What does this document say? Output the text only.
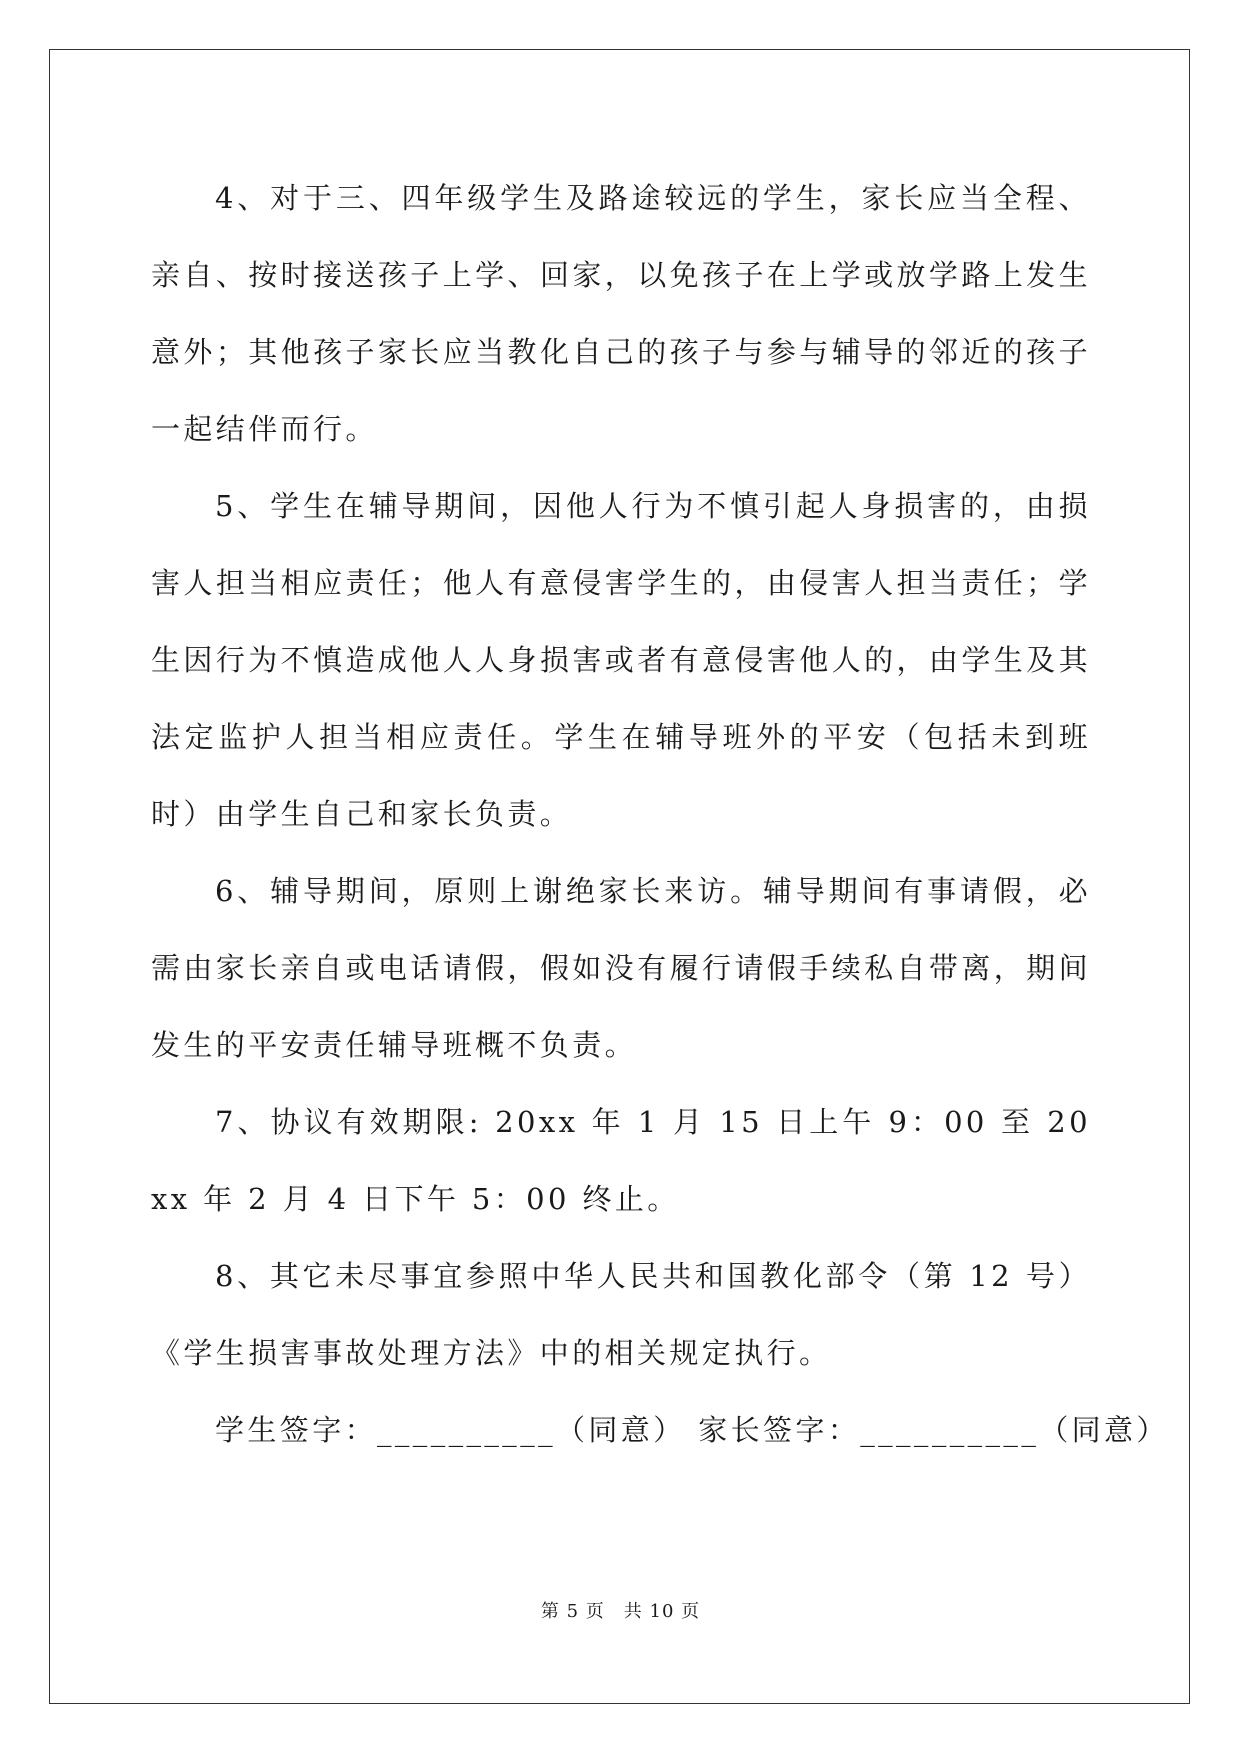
4、对于三、四年级学生及路途较远的学生，家长应当全程、亲自、按时接送孩子上学、回家，以免孩子在上学或放学路上发生意外；其他孩子家长应当教化自己的孩子与参与辅导的邻近的孩子一起结伴而行。

5、学生在辅导期间，因他人行为不慎引起人身损害的，由损害人担当相应责任；他人有意侵害学生的，由侵害人担当责任；学生因行为不慎造成他人人身损害或者有意侵害他人的，由学生及其法定监护人担当相应责任。学生在辅导班外的平安（包括未到班时）由学生自己和家长负责。

6、辅导期间，原则上谢绝家长来访。辅导期间有事请假，必需由家长亲自或电话请假，假如没有履行请假手续私自带离，期间发生的平安责任辅导班概不负责。

7、协议有效期限: 20xx 年 1 月 15 日上午 9：00 至 20xx 年 2 月 4 日下午 5：00 终止。

8、其它未尽事宜参照中华人民共和国教化部令（第 12 号）《学生损害事故处理方法》中的相关规定执行。

学生签字：__________（同意） 家长签字：__________（同意）

第 5 页　共 10 页
